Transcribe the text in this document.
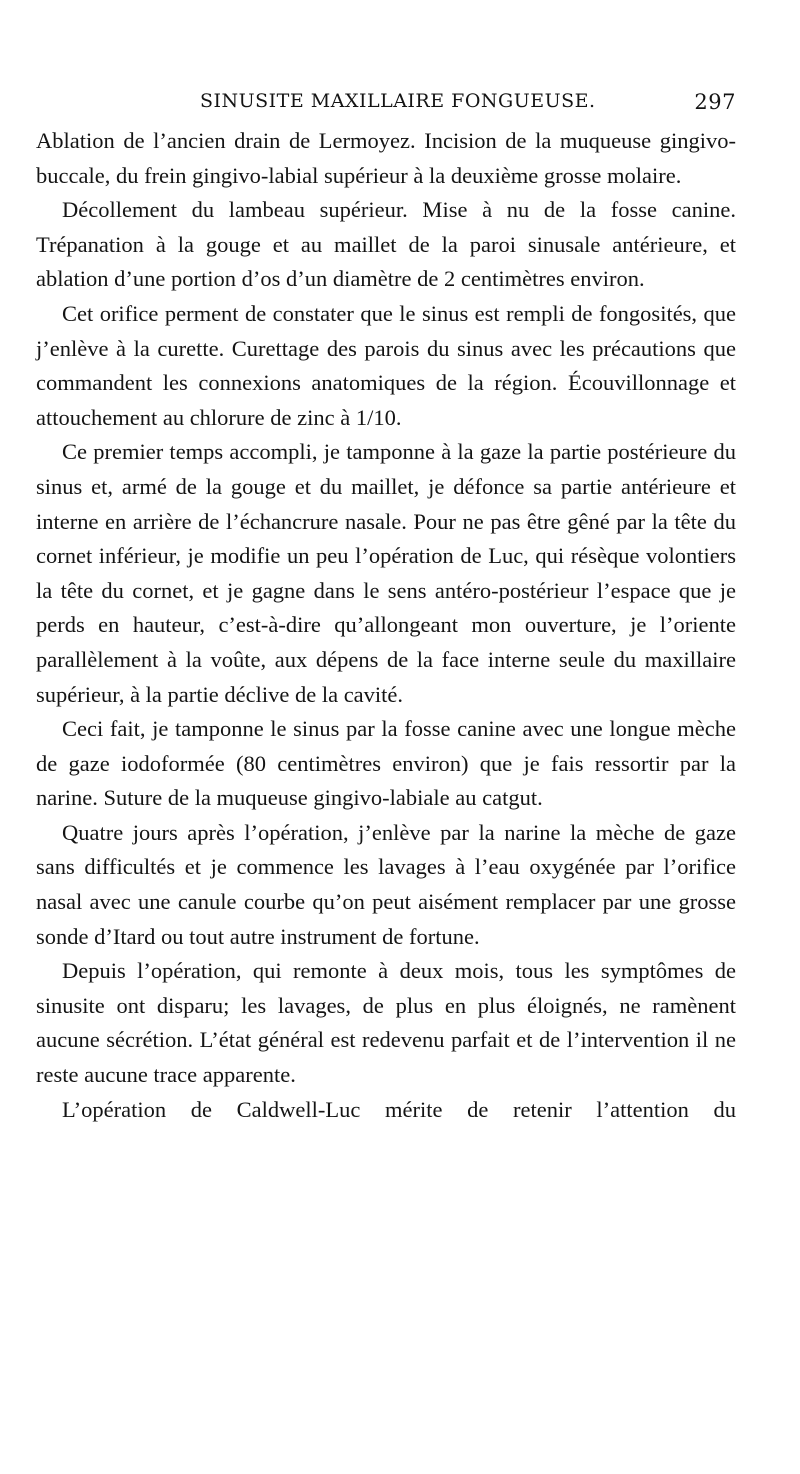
SINUSITE MAXILLAIRE FONGUEUSE.	297

Ablation de l’ancien drain de Lermoyez. Incision de la muqueuse gingivo-buccale, du frein gingivo-labial supérieur à la deuxième grosse molaire.

Décollement du lambeau supérieur. Mise à nu de la fosse canine. Trépanation à la gouge et au maillet de la paroi sinusale antérieure, et ablation d’une portion d’os d’un diamètre de 2 centimètres environ.

Cet orifice perment de constater que le sinus est rempli de fongosités, que j’enlève à la curette. Curettage des parois du sinus avec les précautions que commandent les connexions anatomiques de la région. Écouvillonnage et attouchement au chlorure de zinc à 1/10.

Ce premier temps accompli, je tamponne à la gaze la partie postérieure du sinus et, armé de la gouge et du maillet, je défonce sa partie antérieure et interne en arrière de l’échancrure nasale. Pour ne pas être gêné par la tête du cornet inférieur, je modifie un peu l’opération de Luc, qui résèque volontiers la tête du cornet, et je gagne dans le sens antéro-postérieur l’espace que je perds en hauteur, c’est-à-dire qu’allongeant mon ouverture, je l’oriente parallèlement à la voûte, aux dépens de la face interne seule du maxillaire supérieur, à la partie déclive de la cavité.

Ceci fait, je tamponne le sinus par la fosse canine avec une longue mèche de gaze iodoformée (80 centimètres environ) que je fais ressortir par la narine. Suture de la muqueuse gingivo-labiale au catgut.

Quatre jours après l’opération, j’enlève par la narine la mèche de gaze sans difficultés et je commence les lavages à l’eau oxygénée par l’orifice nasal avec une canule courbe qu’on peut aisément remplacer par une grosse sonde d’Itard ou tout autre instrument de fortune.

Depuis l’opération, qui remonte à deux mois, tous les symptômes de sinusite ont disparu; les lavages, de plus en plus éloignés, ne ramènent aucune sécrétion. L’état général est redevenu parfait et de l’intervention il ne reste aucune trace apparente.

L’opération de Caldwell-Luc mérite de retenir l’attention du
